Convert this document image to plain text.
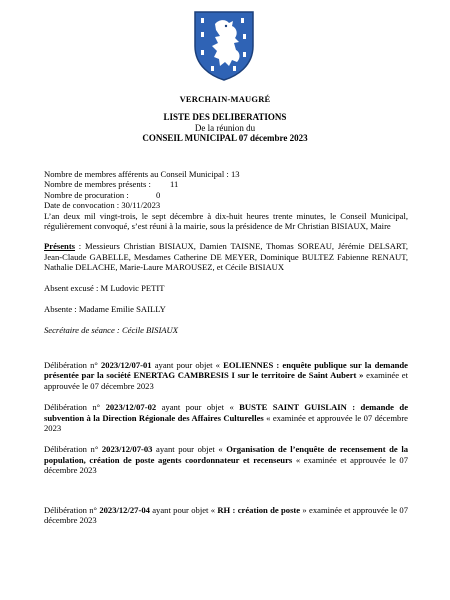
VERCHAIN-MAUGRÉ
LISTE DES DELIBERATIONS
De la réunion du
CONSEIL MUNICIPAL 07 décembre 2023
Nombre de membres afférents au Conseil Municipal : 13
Nombre de membres présents : 11
Nombre de procuration :	0
Date de convocation : 30/11/2023
L’an deux mil vingt-trois, le sept décembre à dix-huit heures trente minutes, le Conseil Municipal, régulièrement convoqué, s’est réuni à la mairie, sous la présidence de Mr Christian BISIAUX, Maire
Présents : Messieurs Christian BISIAUX, Damien TAISNE, Thomas SOREAU, Jérémie DELSART, Jean-Claude GABELLE, Mesdames Catherine DE MEYER, Dominique BULTEZ Fabienne RENAUT, Nathalie DELACHE, Marie-Laure MAROUSEZ, et Cécile BISIAUX
Absent excusé : M Ludovic PETIT
Absente : Madame Emilie SAILLY
Secrétaire de séance : Cécile BISIAUX
Délibération n° 2023/12/07-01 ayant pour objet « EOLIENNES : enquête publique sur la demande présentée par la société ENERTAG CAMBRESIS I sur le territoire de Saint Aubert » examinée et approuvée le 07 décembre 2023
Délibération n° 2023/12/07-02 ayant pour objet « BUSTE SAINT GUISLAIN : demande de subvention à la Direction Régionale des Affaires Culturelles « examinée et approuvée le 07 décembre 2023
Délibération n° 2023/12/07-03 ayant pour objet « Organisation de l’enquête de recensement de la population, création de poste agents coordonnateur et recenseurs « examinée et approuvée le 07 décembre 2023
Délibération n° 2023/12/27-04 ayant pour objet « RH : création de poste » examinée et approuvée le 07 décembre 2023
